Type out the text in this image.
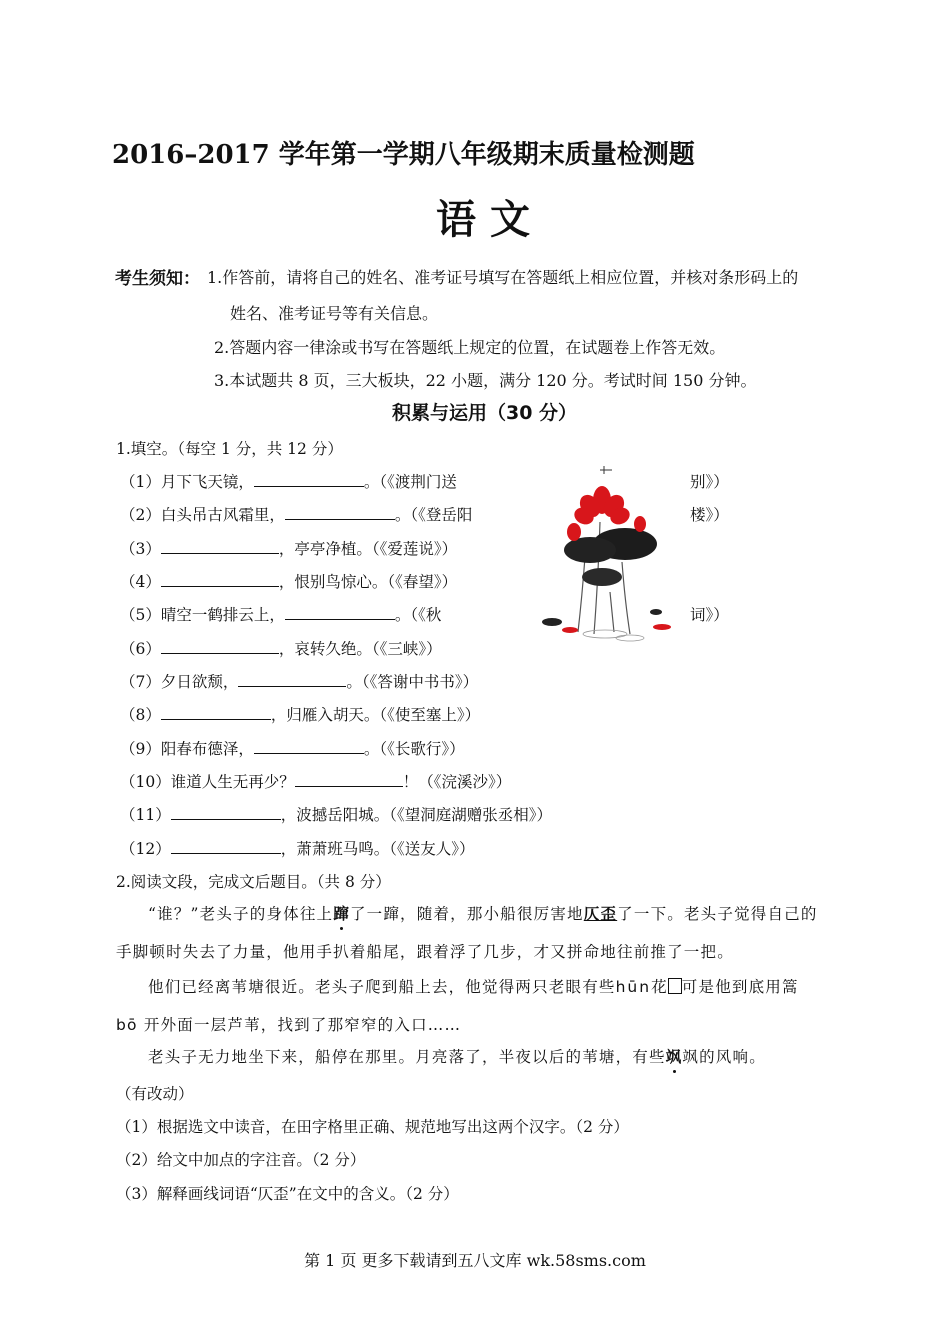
2016–2017 学年第一学期八年级期末质量检测题
语文
考生须知： 1.作答前，请将自己的姓名、准考证号填写在答题纸上相应位置，并核对条形码上的
姓名、准考证号等有关信息。
2.答题内容一律涂或书写在答题纸上规定的位置，在试题卷上作答无效。
3.本试题共 8 页，三大板块，22 小题，满分 120 分。考试时间 150 分钟。
积累与运用（30 分）
1.填空。（每空 1 分，共 12 分）
（1）月下飞天镜，	。（《渡荆门送	别》）
（2）白头吊古风霜里，	。（《登岳阳	楼》）
（3）	，亭亭净植。（《爱莲说》）
（4）	，恨别鸟惊心。（《春望》）
（5）晴空一鹤排云上，	。（《秋	词》）
（6）	，哀转久绝。（《三峡》）
（7）夕日欲颓，	。（《答谢中书书》）
（8）	，归雁入胡天。（《使至塞上》）
（9）阳春布德泽，	。（《长歌行》）
（10）谁道人生无再少？	！（《浣溪沙》）
（11）	，波撼岳阳城。（《望洞庭湖赠张丞相》）
（12）	，萧萧班马鸣。（《送友人》）
2.阅读文段，完成文后题目。（共 8 分）
“谁？”老头子的身体往上蹿了一蹿，随着，那小船很厉害地仄歪了一下。老头子觉得自己的
手脚顿时失去了力量，他用手扒着船尾，跟着浮了几步，才又拼命地往前推了一把。
他们已经离苇塘很近。老头子爬到船上去，他觉得两只老眼有些hūn花 可是他到底用篙
bō 开外面一层芦苇，找到了那窄窄的入口……
老头子无力地坐下来，船停在那里。月亮落了，半夜以后的苇塘，有些飒飒的风响。
（有改动）
（1）根据选文中读音，在田字格里正确、规范地写出这两个汉字。（2 分）
（2）给文中加点的字注音。（2 分）
（3）解释画线词语“仄歪”在文中的含义。（2 分）
第 1 页 更多下载请到五八文库 wk.58sms.com
